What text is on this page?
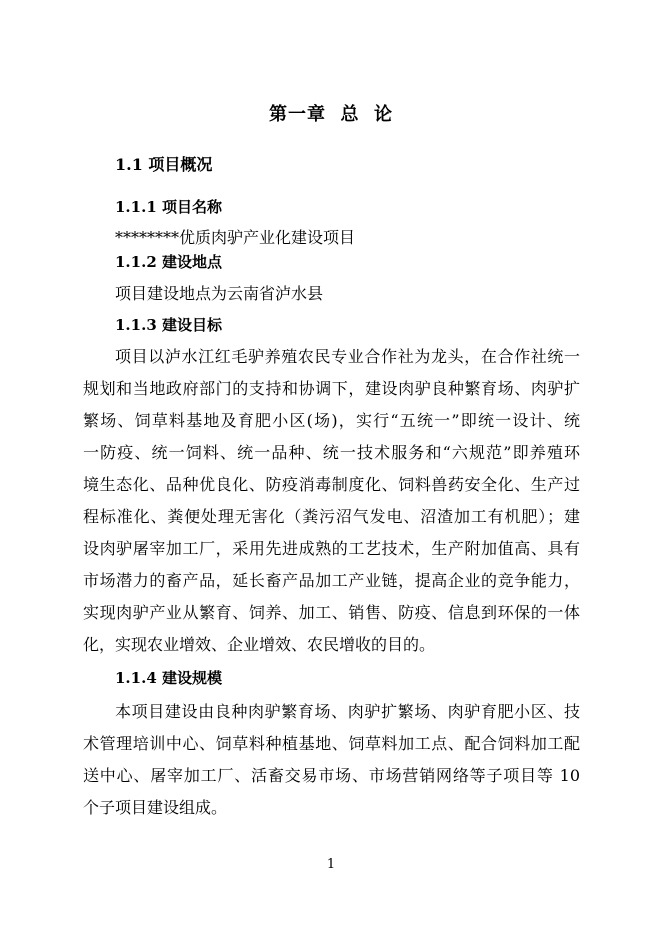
第一章  总  论
1.1 项目概况
1.1.1 项目名称
********优质肉驴产业化建设项目
1.1.2 建设地点
项目建设地点为云南省泸水县
1.1.3 建设目标
项目以泸水江红毛驴养殖农民专业合作社为龙头，在合作社统一
规划和当地政府部门的支持和协调下，建设肉驴良种繁育场、肉驴扩
繁场、饲草料基地及育肥小区(场)，实行“五统一”即统一设计、统
一防疫、统一饲料、统一品种、统一技术服务和“六规范”即养殖环
境生态化、品种优良化、防疫消毒制度化、饲料兽药安全化、生产过
程标准化、粪便处理无害化（粪污沼气发电、沼渣加工有机肥）；建
设肉驴屠宰加工厂，采用先进成熟的工艺技术，生产附加值高、具有
市场潜力的畜产品，延长畜产品加工产业链，提高企业的竞争能力，
实现肉驴产业从繁育、饲养、加工、销售、防疫、信息到环保的一体
化，实现农业增效、企业增效、农民增收的目的。
1.1.4 建设规模
本项目建设由良种肉驴繁育场、肉驴扩繁场、肉驴育肥小区、技
术管理培训中心、饲草料种植基地、饲草料加工点、配合饲料加工配
送中心、屠宰加工厂、活畜交易市场、市场营销网络等子项目等 10
个子项目建设组成。
1
